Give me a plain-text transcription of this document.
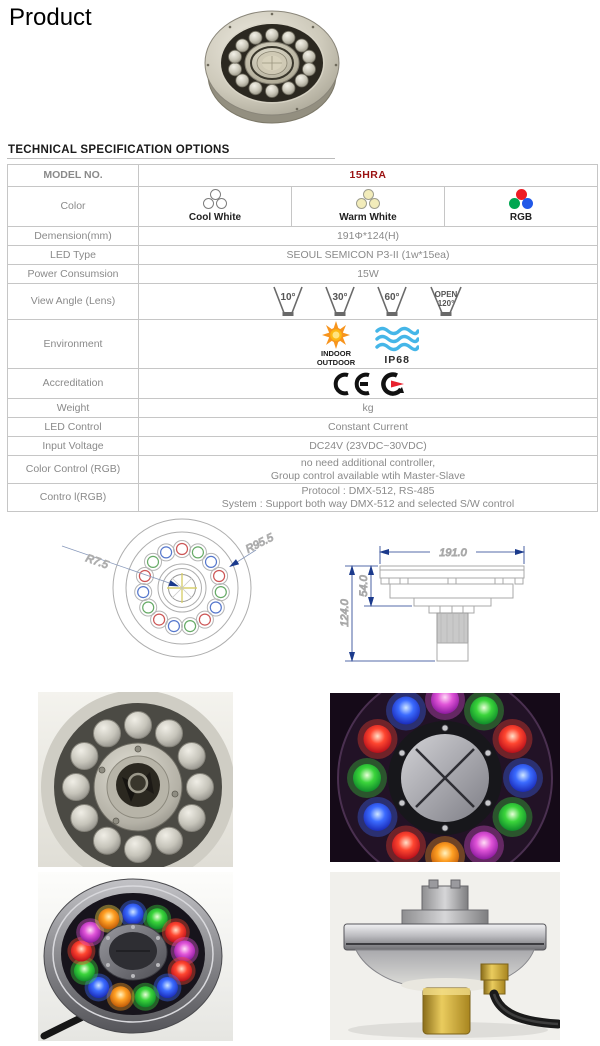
Product
TECHNICAL SPECIFICATION OPTIONS
MODEL NO.	15HRA		
Color	Cool White	Warm White	RGB

Demension(mm)	191Φ*124(H)		
LED Type	SEOUL SEMICON P3-II (1w*15ea)		
Power Consumsion	15W		
View Angle (Lens)	10° 30° 60° OPEN
120°		

Environment	INDOOR
OUTDOOR IP68		

Accreditation	

Weight	kg		
LED Control	Constant Current		
Input Voltage	DC24V (23VDC~30VDC)		
Color Control (RGB)	no need additional controller,
Group control available wtih Master-Slave		

Contro l(RGB)	Protocol : DMX-512, RS-485
System : Support both way DMX-512 and selected S/W control		
R7.5
R95.5	191.0
54.0
124.0
